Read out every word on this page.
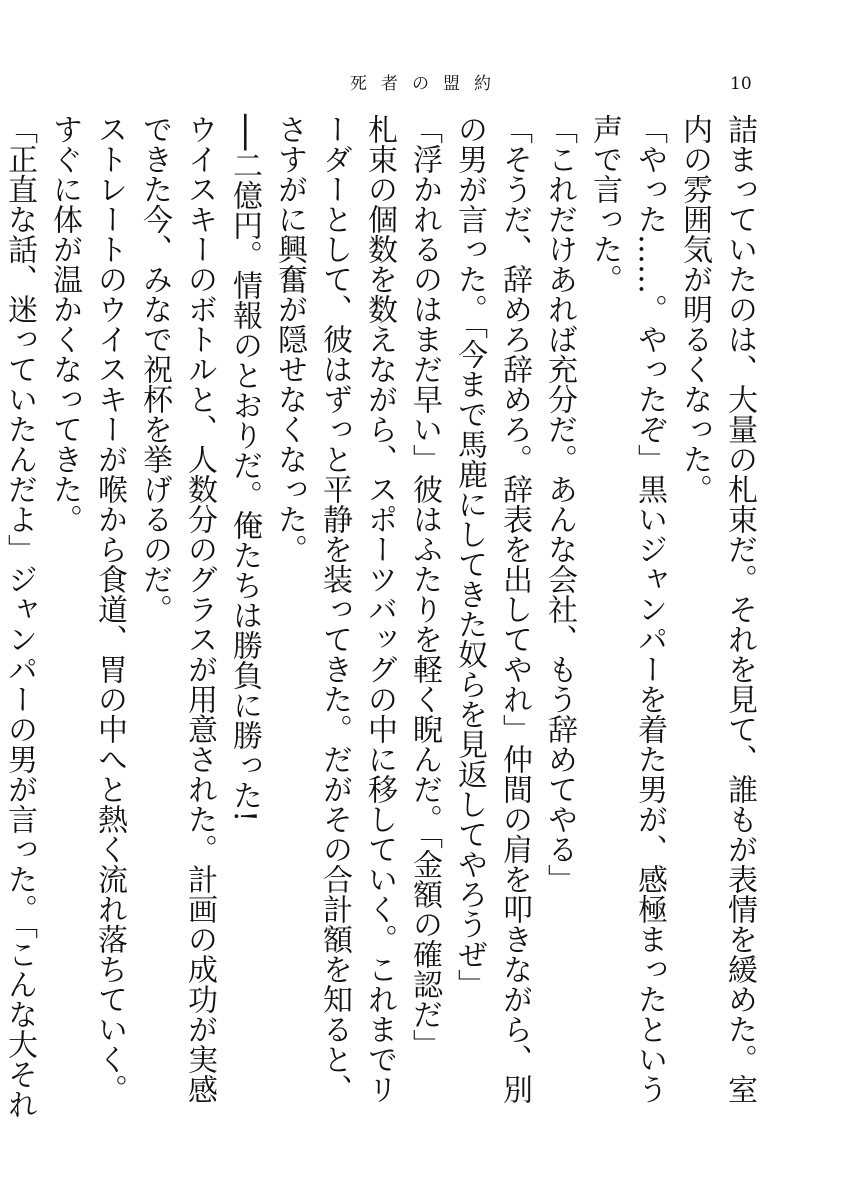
死者の盟約	10

詰まっていたのは、大量の札束だ。それを見て、誰もが表情を緩めた。室内の雰囲気が明るくなった。

「やった……。やったぞ」黒いジャンパーを着た男が、感極まったという声で言った。

「これだけあれば充分だ。あんな会社、もう辞めてやる」

「そうだ、辞めろ辞めろ。辞表を出してやれ」仲間の肩を叩きながら、別の男が言った。「今まで馬鹿にしてきた奴らを見返してやろうぜ」

「浮かれるのはまだ早い」彼はふたりを軽く睨んだ。「金額の確認だ」

札束の個数を数えながら、スポーツバッグの中に移していく。これまでリーダーとして、彼はずっと平静を装ってきた。だがその合計額を知ると、さすがに興奮が隠せなくなった。

──二億円。情報のとおりだ。俺たちは勝負に勝った!

ウイスキーのボトルと、人数分のグラスが用意された。計画の成功が実感できた今、みなで祝杯を挙げるのだ。

ストレートのウイスキーが喉から食道、胃の中へと熱く流れ落ちていく。すぐに体が温かくなってきた。

「正直な話、迷っていたんだよ」ジャンパーの男が言った。「こんな大それ
